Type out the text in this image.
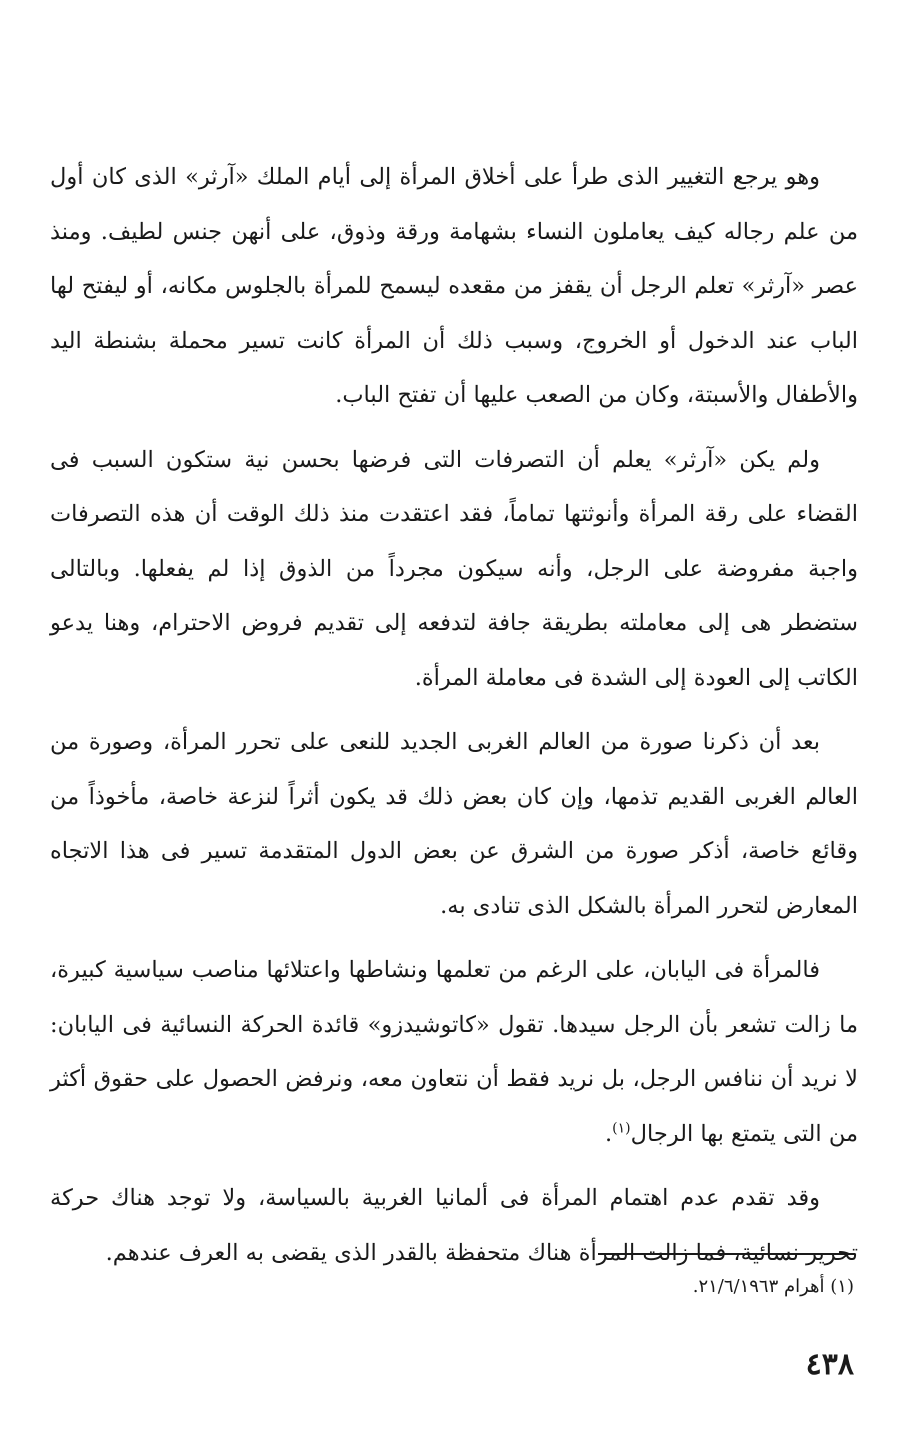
وهو يرجع التغيير الذى طرأ على أخلاق المرأة إلى أيام الملك «آرثر» الذى كان أول من علم رجاله كيف يعاملون النساء بشهامة ورقة وذوق، على أنهن جنس لطيف. ومنذ عصر «آرثر» تعلم الرجل أن يقفز من مقعده ليسمح للمرأة بالجلوس مكانه، أو ليفتح لها الباب عند الدخول أو الخروج، وسبب ذلك أن المرأة كانت تسير محملة بشنطة اليد والأطفال والأسبتة، وكان من الصعب عليها أن تفتح الباب.

ولم يكن «آرثر» يعلم أن التصرفات التى فرضها بحسن نية ستكون السبب فى القضاء على رقة المرأة وأنوثتها تماماً، فقد اعتقدت منذ ذلك الوقت أن هذه التصرفات واجبة مفروضة على الرجل، وأنه سيكون مجرداً من الذوق إذا لم يفعلها. وبالتالى ستضطر هى إلى معاملته بطريقة جافة لتدفعه إلى تقديم فروض الاحترام، وهنا يدعو الكاتب إلى العودة إلى الشدة فى معاملة المرأة.

بعد أن ذكرنا صورة من العالم الغربى الجديد للنعى على تحرر المرأة، وصورة من العالم الغربى القديم تذمها، وإن كان بعض ذلك قد يكون أثراً لنزعة خاصة، مأخوذاً من وقائع خاصة، أذكر صورة من الشرق عن بعض الدول المتقدمة تسير فى هذا الاتجاه المعارض لتحرر المرأة بالشكل الذى تنادى به.

فالمرأة فى اليابان، على الرغم من تعلمها ونشاطها واعتلائها مناصب سياسية كبيرة، ما زالت تشعر بأن الرجل سيدها. تقول «كاتوشيدزو» قائدة الحركة النسائية فى اليابان: لا نريد أن ننافس الرجل، بل نريد فقط أن نتعاون معه، ونرفض الحصول على حقوق أكثر من التى يتمتع بها الرجال$^{(١)}$.

وقد تقدم عدم اهتمام المرأة فى ألمانيا الغربية بالسياسة، ولا توجد هناك حركة تحرير نسائية، فما زالت المرأة هناك متحفظة بالقدر الذى يقضى به العرف عندهم.

(١) أهرام ٢١/٦/١٩٦٣.
٤٣٨
